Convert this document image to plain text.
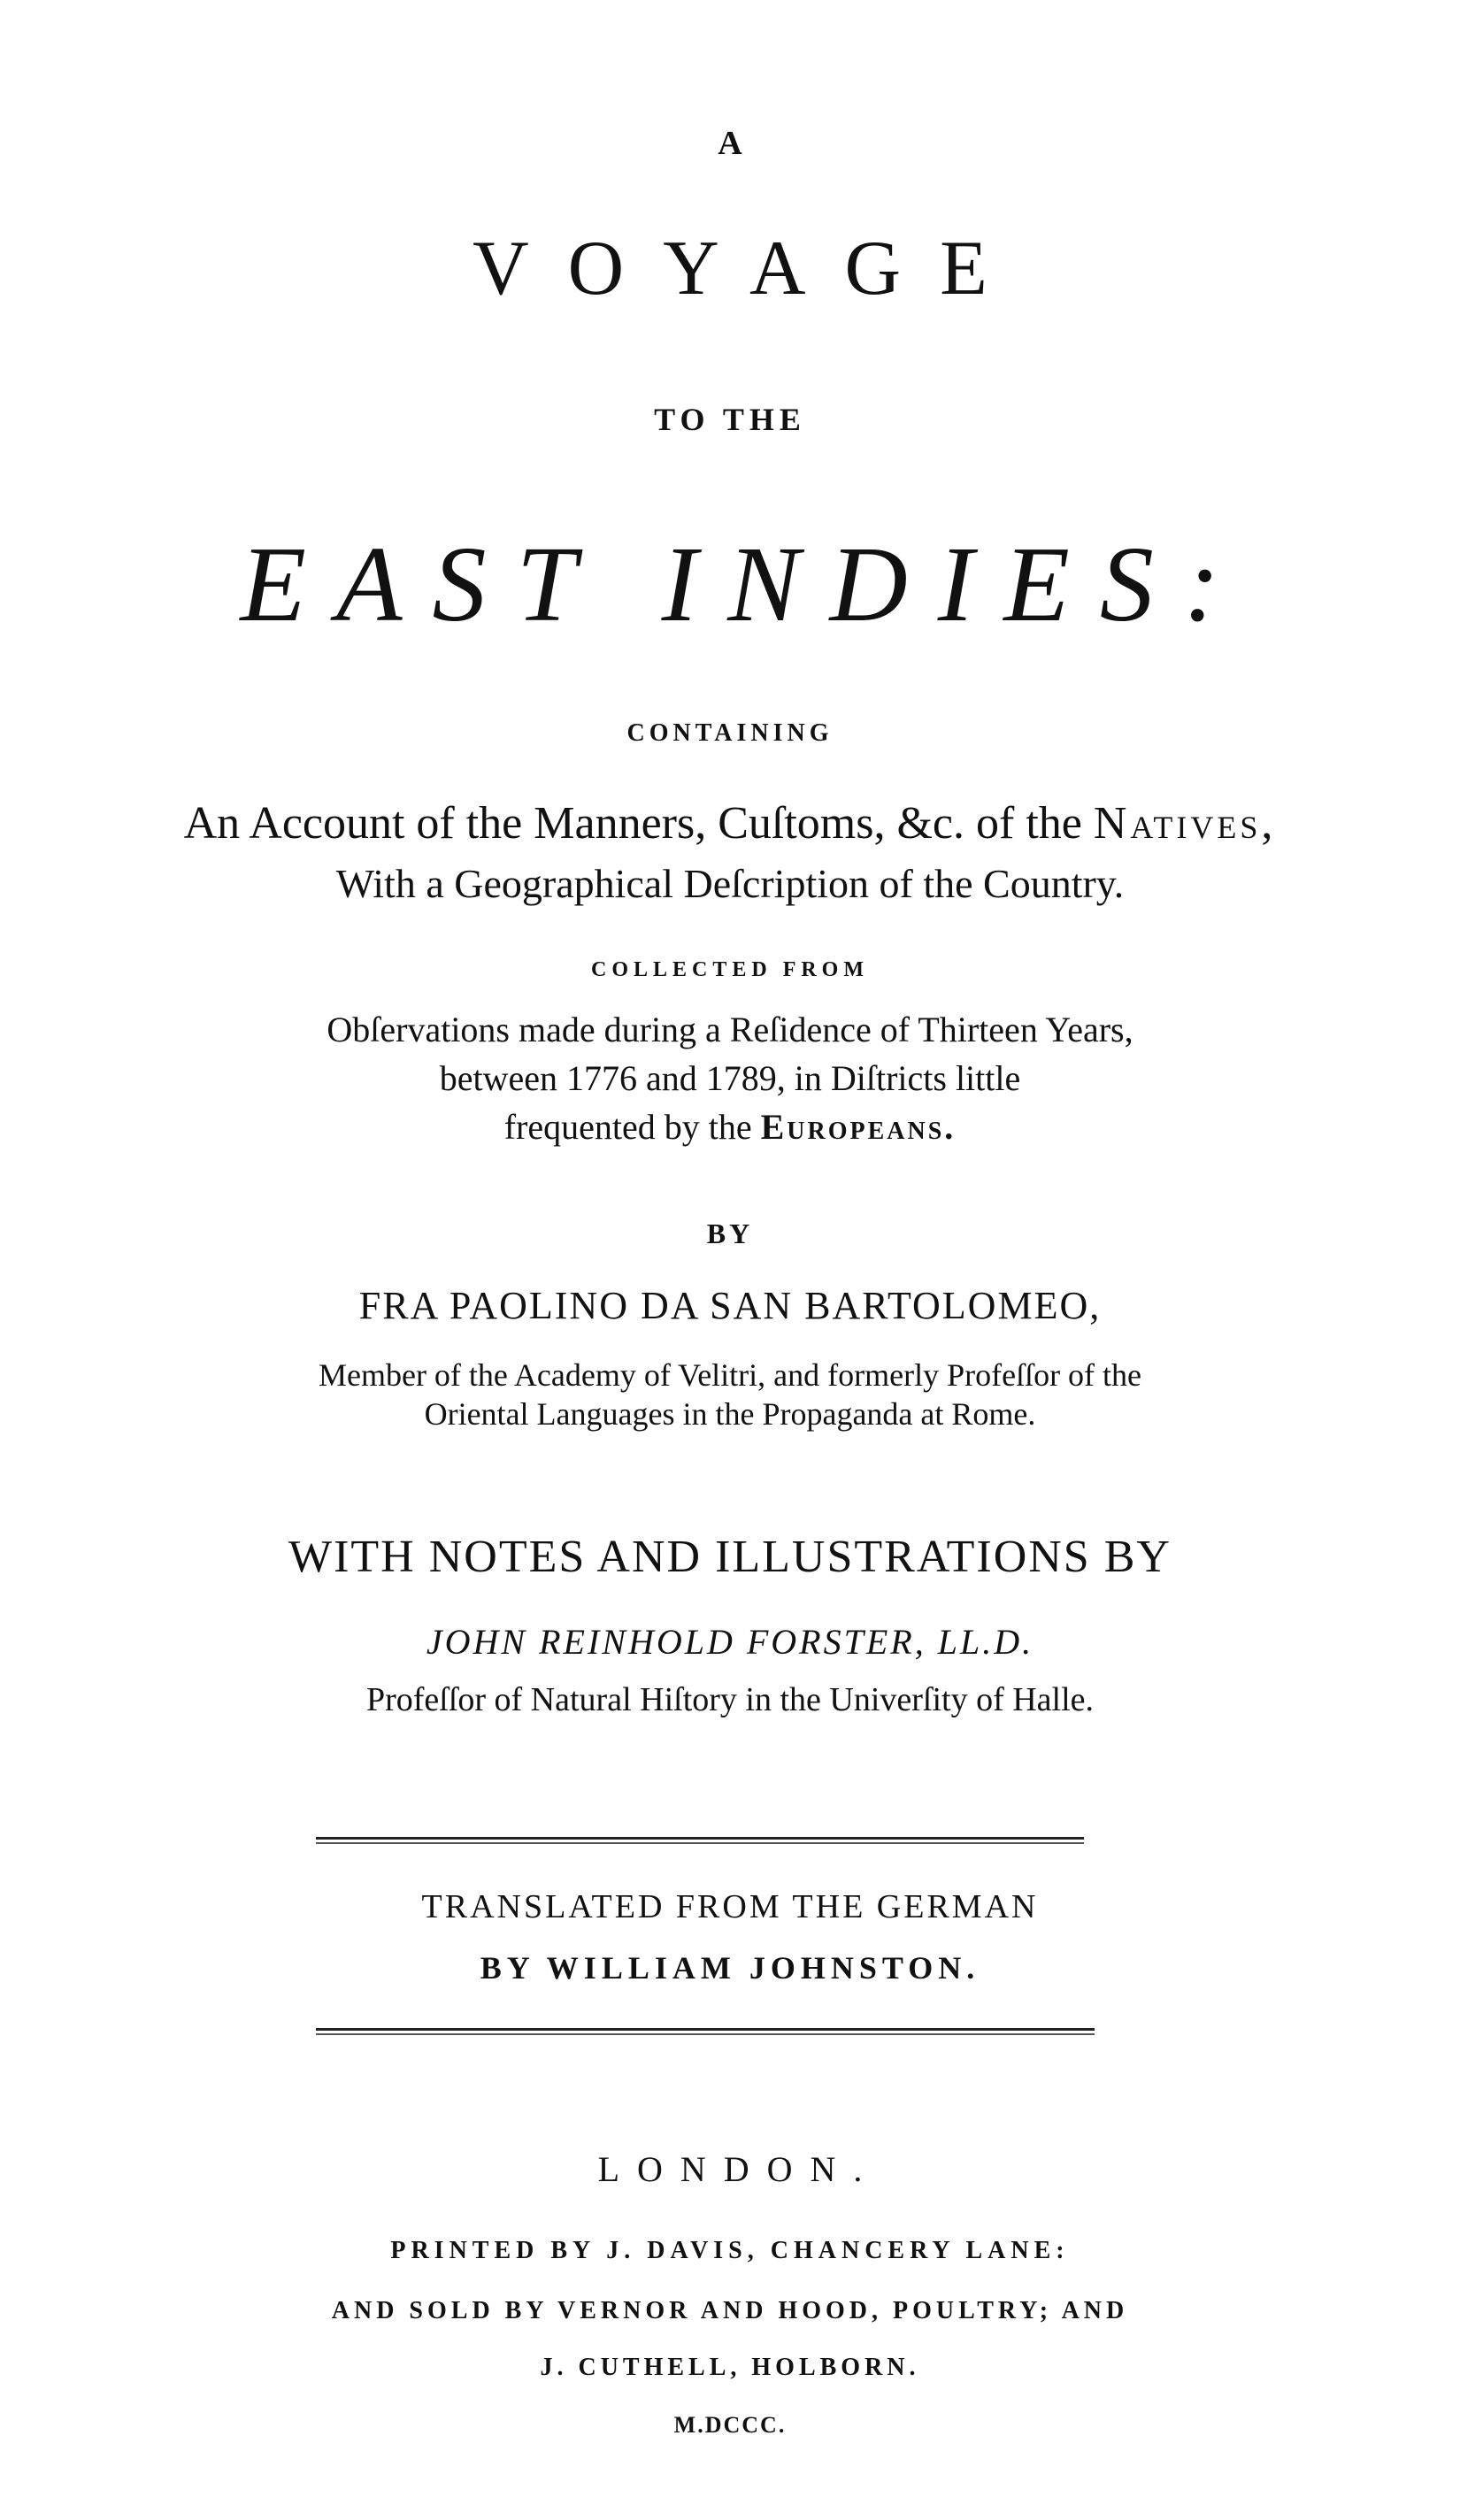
A
VOYAGE
TO THE
EAST INDIES:
CONTAINING
An Account of the Manners, Cuſtoms, &c. of the Natives,
With a Geographical Deſcription of the Country.
COLLECTED FROM
Obſervations made during a Reſidence of Thirteen Years,
between 1776 and 1789, in Diſtricts little
frequented by the Europeans.
BY
FRA PAOLINO DA SAN BARTOLOMEO,
Member of the Academy of Velitri, and formerly Profeſſor of the
Oriental Languages in the Propaganda at Rome.
WITH NOTES AND ILLUSTRATIONS BY
JOHN REINHOLD FORSTER, LL.D.
Profeſſor of Natural Hiſtory in the Univerſity of Halle.
TRANSLATED FROM THE GERMAN
BY WILLIAM JOHNSTON.
LONDON.
PRINTED BY J. DAVIS, CHANCERY LANE:
AND SOLD BY VERNOR AND HOOD, POULTRY; AND
J. CUTHELL, HOLBORN.
M.DCCC.
